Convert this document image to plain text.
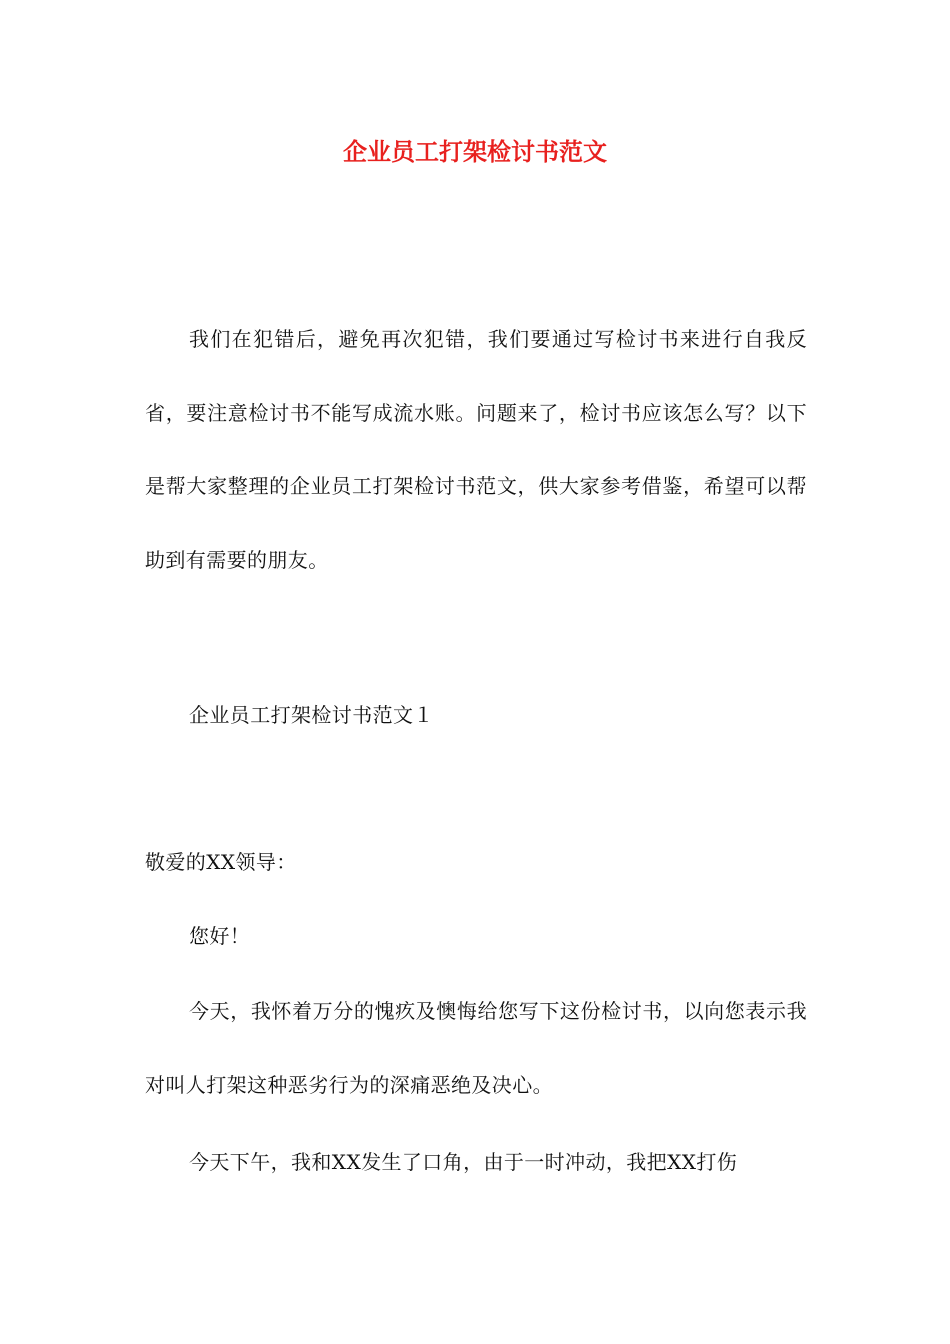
企业员工打架检讨书范文

我们在犯错后，避免再次犯错，我们要通过写检讨书来进行自我反省，要注意检讨书不能写成流水账。问题来了，检讨书应该怎么写？以下是帮大家整理的企业员工打架检讨书范文，供大家参考借鉴，希望可以帮助到有需要的朋友。

企业员工打架检讨书范文１

敬爱的XX领导：

您好！

今天，我怀着万分的愧疚及懊悔给您写下这份检讨书，以向您表示我对叫人打架这种恶劣行为的深痛恶绝及决心。

今天下午，我和XX发生了口角，由于一时冲动，我把XX打伤
